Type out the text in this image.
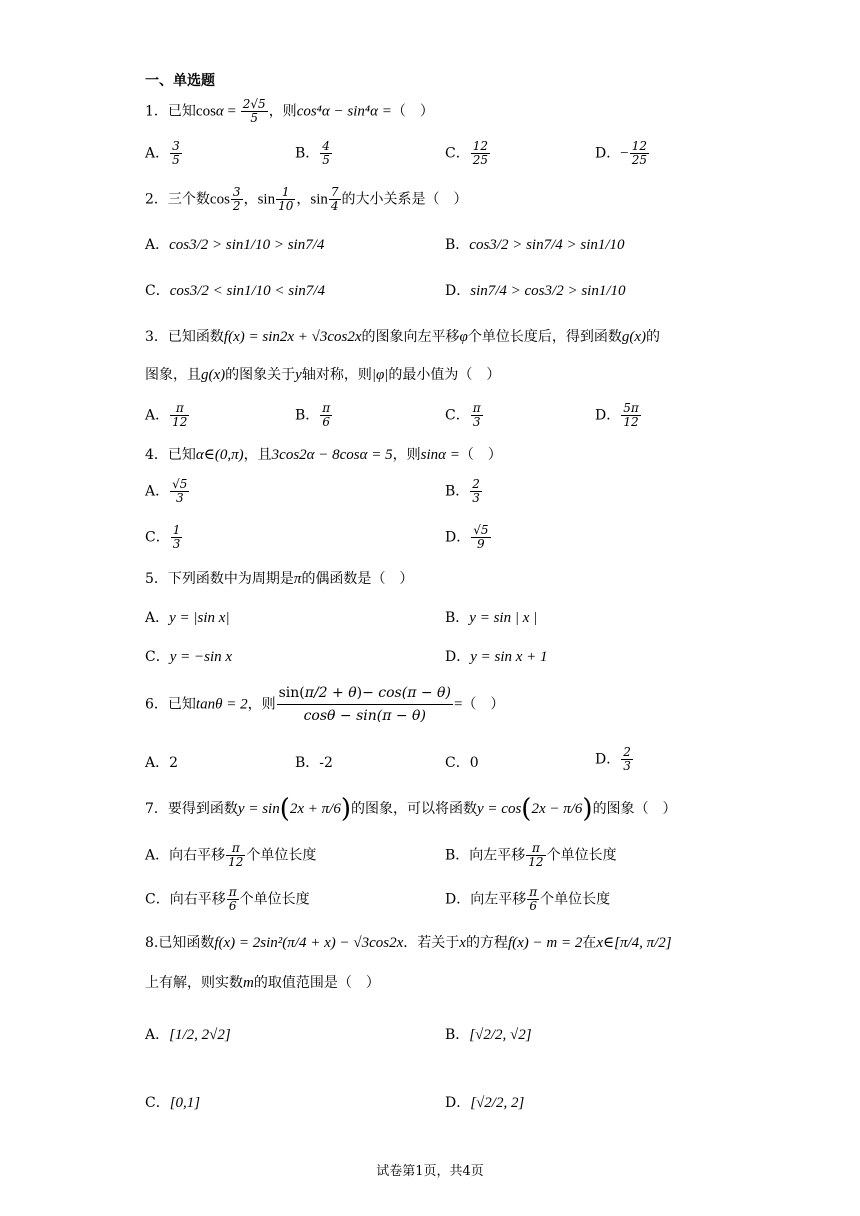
一、单选题
1．已知$\cos\alpha = \frac{2√5}{5}$ ，则cos⁴α − sin⁴α =（　）
A． $\frac{3}{5}$	B． $\frac{4}{5}$	C． $\frac{12}{25}$	D．− $\frac{12}{25}$
2．三个数$\cos \frac{3}{2}$ ，$\sin \frac{1}{10}$ ，$\sin \frac{7}{4}$ 的大小关系是（　）
A．cos3/2 > sin1/10 > sin7/4	B．cos3/2 > sin7/4 > sin1/10
C．cos3/2 < sin1/10 < sin7/4	D．sin7/4 > cos3/2 > sin1/10
3．已知函数f(x) = sin2x + √3cos2x的图象向左平移φ个单位长度后，得到函数g(x)的
图象，且g(x)的图象关于y轴对称，则|φ|的最小值为（　）
A． $\frac{\pi}{12}$	B． $\frac{\pi}{6}$	C． $\frac{\pi}{3}$	D． $\frac{5\pi}{12}$
4．已知α∈(0,π)，且3cos2α − 8cosα = 5，则sinα =（　）
A． $\frac{√5}{3}$	B． $\frac{2}{3}$
C． $\frac{1}{3}$	D． $\frac{√5}{9}$
5．下列函数中为周期是π的偶函数是（　）
A．y = |sin x|	B．y = sin | x |
C．y = −sin x	D．y = sin x + 1
6．已知tanθ = 2，则 $\frac{\sin(\pi/2 + \theta)- \cos(\pi - \theta)}{\cos\theta - \sin(\pi - \theta)}$ =（　）
A．2	B．-2	C．0	D． $\frac{2}{3}$
7．要得到函数y = sin(2x + π/6)的图象，可以将函数y = cos(2x − π/6)的图象（　）
A．向右平移 $\frac{\pi}{12}$ 个单位长度	B．向左平移 $\frac{\pi}{12}$ 个单位长度
C．向右平移 $\frac{\pi}{6}$ 个单位长度	D．向左平移 $\frac{\pi}{6}$ 个单位长度
8.已知函数f(x) = 2sin²(π/4 + x) − √3cos2x．若关于x的方程f(x) − m = 2在x∈[π/4, π/2]
上有解，则实数m的取值范围是（　）
A．[1/2, 2√2]	B．[√2/2, √2]
C．[0,1]	D．[√2/2, 2]
试卷第1页，共4页
